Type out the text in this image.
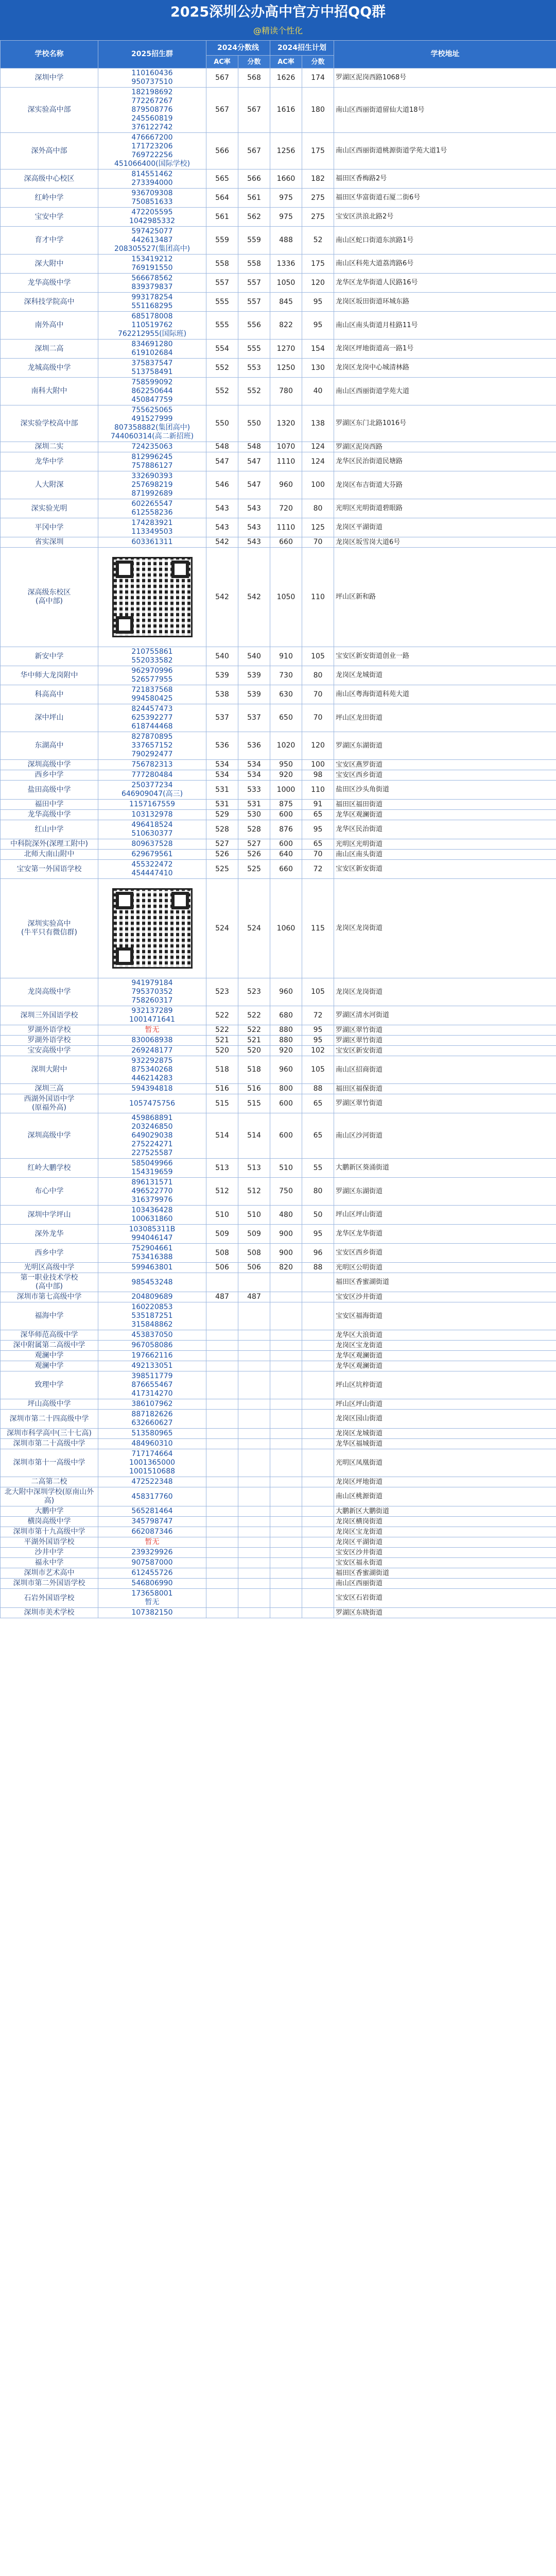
2025深圳公办高中官方中招QQ群
@精读个性化
学校名称	2025招生群	2024分数线		2024招生计划		学校地址
		AC率	分数	AC率	分数	
深圳中学	110160436
950737510	567	568	1626	174	罗湖区泥岗西路1068号
深实验高中部	182198692
772267267
879508776
245560819
376122742	567	567	1616	180	南山区西丽街道留仙大道18号
深外高中部	476667200
171723206
769722256
451066400(国际学校)	566	567	1256	175	南山区西丽街道桃源街道学苑大道1号
深高级中心校区	814551462
273394000	565	566	1660	182	福田区香梅路2号
红岭中学	936709308
750851633	564	561	975	275	福田区华富街道石厦二街6号
宝安中学	472205595
1042985332	561	562	975	275	宝安区洪浪北路2号
育才中学	597425077
442613487
208305527(集团高中)	559	559	488	52	南山区蛇口街道东滨路1号
深大附中	153419212
769191550	558	558	1336	175	南山区科苑大道荔湾路6号
龙华高级中学	566678562
839379837	557	557	1050	120	龙华区龙华街道人民路16号
深科技学院高中	993178254
551168295	555	557	845	95	龙岗区坂田街道环城东路
南外高中	685178008
110519762
762212955(国际班)	555	556	822	95	南山区南头街道月桂路11号
深圳二高	834691280
619102684	554	555	1270	154	龙岗区坪地街道高一路1号
龙城高级中学	375837547
513758491	552	553	1250	130	龙岗区龙岗中心城清林路
南科大附中	758599092
862250644
450847759	552	552	780	40	南山区西丽街道学苑大道
深实验学校高中部	755625065
491527999
807358882(集团高中)
744060314(高二新招班)	550	550	1320	138	罗湖区东门北路1016号
深圳二实	724235063	548	548	1070	124	罗湖区泥岗西路
龙华中学	812996245
757886127	547	547	1110	124	龙华区民治街道民塘路
人大附深	332690393
257698219
871992689	546	547	960	100	龙岗区布吉街道大芬路
深实验光明	602265547
612558236	543	543	720	80	光明区光明街道碧眼路
平冈中学	174283921
113349503	543	543	1110	125	龙岗区平湖街道
省实深圳	603361311	542	543	660	70	龙岗区坂雪岗大道6号
深高级东校区
(高中部)		542	542	1050	110	坪山区新和路
新安中学	210755861
552033582	540	540	910	105	宝安区新安街道创业一路
华中师大龙岗附中	962970996
526577955	539	539	730	80	龙岗区龙城街道
科高高中	721837568
994580425	538	539	630	70	南山区粤海街道科苑大道
深中坪山	824457473
625392277
618744468	537	537	650	70	坪山区龙田街道
东湖高中	827870895
337657152
790292477	536	536	1020	120	罗湖区东湖街道
深圳高级中学	756782313	534	534	950	100	宝安区燕罗街道
西乡中学	777280484	534	534	920	98	宝安区西乡街道
盐田高级中学	250377234
646909047(高三)	531	533	1000	110	盐田区沙头角街道
福田中学	1157167559	531	531	875	91	福田区福田街道
龙华高级中学	103132978	529	530	600	65	龙华区观澜街道
红山中学	496418524
510630377	528	528	876	95	龙华区民治街道
中科院深外(深理工附中)	809637528	527	527	600	65	光明区光明街道
北师大南山附中	629679561	526	526	640	70	南山区南头街道
宝安第一外国语学校	455322472
454447410	525	525	660	72	宝安区新安街道
深圳实验高中
(牛平只有微信群)		524	524	1060	115	龙岗区龙岗街道
龙岗高级中学	941979184
795370352
758260317	523	523	960	105	龙岗区龙岗街道
深圳三外国语学校	932137289
1001471641	522	522	680	72	罗湖区清水河街道
罗湖外语学校	暂无	522	522	880	95	罗湖区翠竹街道
罗湖外语学校	830068938	521	521	880	95	罗湖区翠竹街道
宝安高级中学	269248177	520	520	920	102	宝安区新安街道
深圳大附中	932292875
875340268
446214283	518	518	960	105	南山区招商街道
深圳三高	594394818	516	516	800	88	福田区福保街道
西湖外国语中学
(原福外高)	1057475756	515	515	600	65	罗湖区翠竹街道
深圳高级中学	459868891
203246850
649029038
275224271
227525587	514	514	600	65	南山区沙河街道
红岭大鹏学校	585049966
154319659	513	513	510	55	大鹏新区葵涌街道
布心中学	896131571
496522770
316379976	512	512	750	80	罗湖区东湖街道
深圳中学坪山	103436428
100631860	510	510	480	50	坪山区坪山街道
深外龙华	103085311B
994046147	509	509	900	95	龙华区龙华街道
西乡中学	752904661
753416388	508	508	900	96	宝安区西乡街道
光明区高级中学	599463801	506	506	820	88	光明区公明街道
第一职业技术学校
(高中部)	985453248					福田区香蜜湖街道
深圳市第七高级中学	204809689	487	487			宝安区沙井街道
福海中学	160220853
535187251
315848862					宝安区福海街道
深华师范高级中学	453837050					龙华区大浪街道
深中附属第二高级中学	967058086					龙岗区宝龙街道
观澜中学	197662116					龙华区观澜街道
观澜中学	492133051					龙华区观澜街道
致理中学	398511779
876655467
417314270					坪山区坑梓街道
坪山高级中学	386107962					坪山区坪山街道
深圳市第二十四高级中学	887182626
632660627					龙岗区园山街道
深圳市科学高中(三十七高)	513580965					龙岗区龙城街道
深圳市第二十高级中学	484960310					龙华区福城街道
深圳市第十一高级中学	717174664
1001365000
1001510688					光明区凤凰街道
二高第二校	472522348					龙岗区坪地街道
北大附中深圳学校(原南山外高)	458317760					南山区桃源街道
大鹏中学	565281464					大鹏新区大鹏街道
横岗高级中学	345798747					龙岗区横岗街道
深圳市第十九高级中学	662087346					龙岗区宝龙街道
平湖外国语学校	暂无					龙岗区平湖街道
沙井中学	239329926					宝安区沙井街道
福永中学	907587000					宝安区福永街道
深圳市艺术高中	612455726					福田区香蜜湖街道
深圳市第二外国语学校	546806990					南山区西丽街道
石岩外国语学校	173658001
暂无					宝安区石岩街道
深圳市美术学校	107382150					罗湖区东晓街道
